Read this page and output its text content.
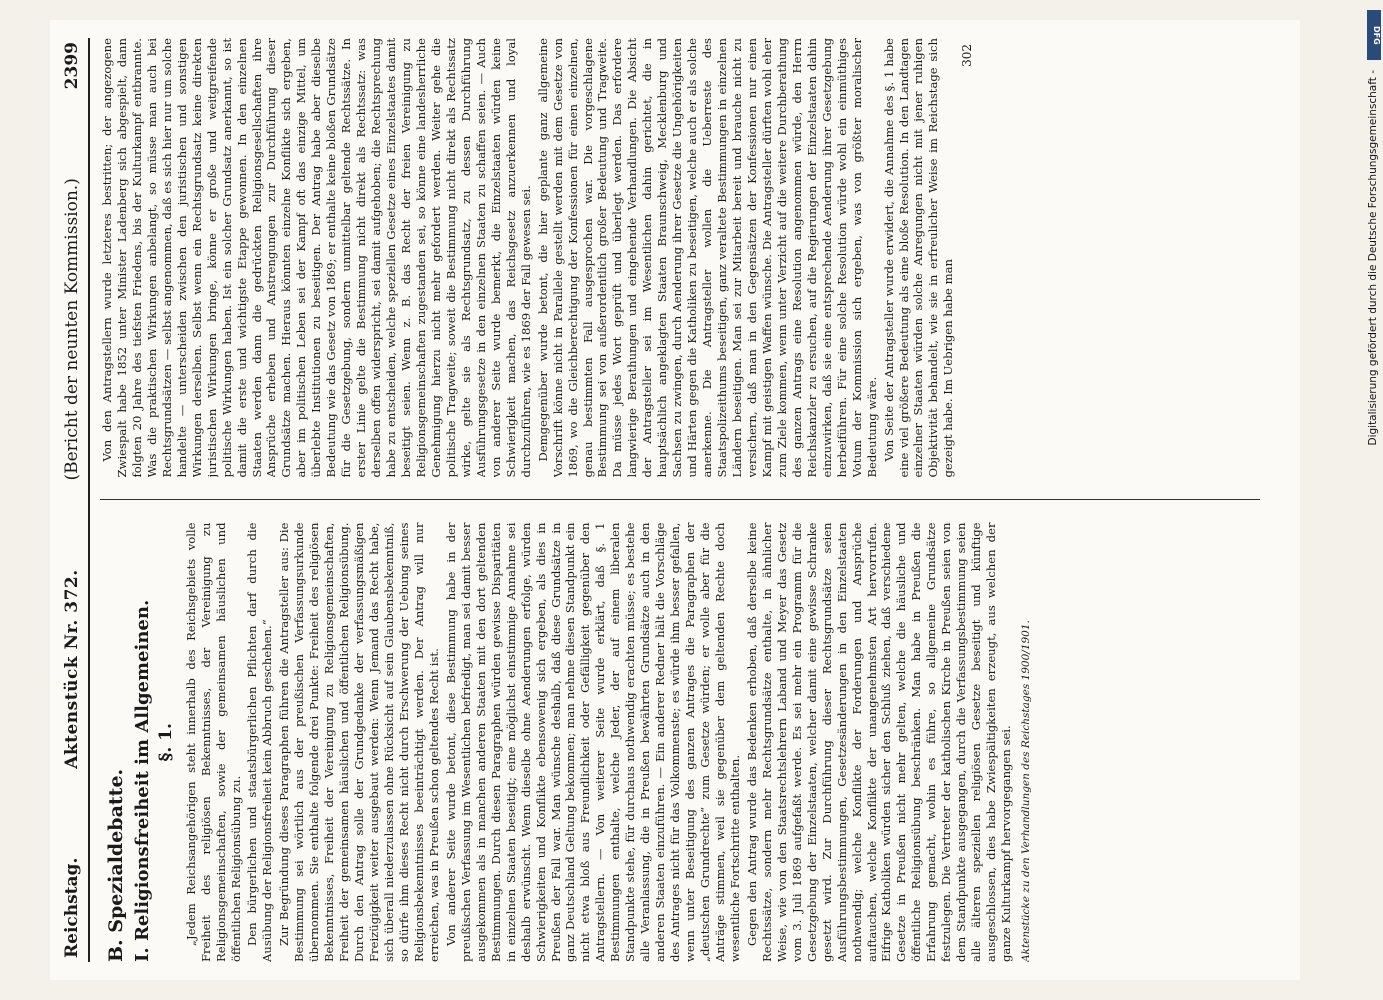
Reichstag.
Aktenstück Nr. 372.
(Bericht der neunten Kommission.)
2399
B. Spezialdebatte. I. Religionsfreiheit im Allgemeinen. §. 1. „Jedem Reichsangehörigen steht innerhalb des Reichsgebiets volle Freiheit des religiösen Bekenntnisses, der Vereinigung zu Religionsgemeinschaften, sowie der gemeinsamen häuslichen und öffentlichen Religionsübung zu. Den bürgerlichen und staatsbürgerlichen Pflichten darf durch die Ausübung der Religionsfreiheit kein Abbruch geschehen.“ Zur Begründung dieses Paragraphen führen die Antragsteller aus: Die Bestimmung sei wörtlich aus der preußischen Verfassungsurkunde übernommen. Sie enthalte folgende drei Punkte: Freiheit des religiösen Bekenntnisses, Freiheit der Vereinigung zu Religionsgemeinschaften, Freiheit der gemeinsamen häuslichen und öffentlichen Religionsübung. Durch den Antrag solle der Grundgedanke der verfassungsmäßigen Freizügigkeit weiter ausgebaut werden: Wenn Jemand das Recht habe, sich überall niederzulassen ohne Rücksicht auf sein Glaubensbekenntniß, so dürfe ihm dieses Recht nicht durch Erschwerung der Uebung seines Religionsbekenntnisses beeinträchtigt werden. Der Antrag will nur erreichen, was in Preußen schon geltendes Recht ist. Von anderer Seite wurde betont, diese Bestimmung habe in der preußischen Verfassung im Wesentlichen befriedigt, man sei damit besser ausgekommen als in manchen anderen Staaten mit den dort geltenden Bestimmungen. Durch diesen Paragraphen würden gewisse Disparitäten in einzelnen Staaten beseitigt; eine möglichst einstimmige Annahme sei deshalb erwünscht. Wenn dieselbe ohne Aenderungen erfolge, würden Schwierigkeiten und Konflikte ebensowenig sich ergeben, als dies in Preußen der Fall war. Man wünsche deshalb, daß diese Grundsätze in ganz Deutschland Geltung bekommen; man nehme diesen Standpunkt ein nicht etwa bloß aus Freundlichkeit oder Gefälligkeit gegenüber den Antragstellern. — Von weiterer Seite wurde erklärt, daß §. 1 Bestimmungen enthalte, welche Jeder, der auf einem liberalen Standpunkte stehe, für durchaus nothwendig erachten müsse; es bestehe alle Veranlassung, die in Preußen bewährten Grundsätze auch in den anderen Staaten einzuführen. — Ein anderer Redner hält die Vorschläge des Antrages nicht für das Volkommenste; es würde ihm besser gefallen, wenn unter Beseitigung des ganzen Antrages die Paragraphen der „deutschen Grundrechte“ zum Gesetze würden; er wolle aber für die Anträge stimmen, weil sie gegenüber dem geltenden Rechte doch wesentliche Fortschritte enthalten. Gegen den Antrag wurde das Bedenken erhoben, daß derselbe keine Rechtssätze, sondern mehr Rechtsgrundsätze enthalte, in ähnlicher Weise, wie von den Staatsrechtslehrern Laband und Meyer das Gesetz vom 3. Juli 1869 aufgefaßt werde. Es sei mehr ein Programm für die Gesetzgebung der Einzelstaaten, welcher damit eine gewisse Schranke gesetzt wird. Zur Durchführung dieser Rechtsgrundsätze seien Ausführungsbestimmungen, Gesetzesänderungen in den Einzelstaaten nothwendig; welche Konflikte der Forderungen und Ansprüche auftauchen, welche Konflikte der unangenehmsten Art hervorrufen. Eifrige Katholiken würden sicher den Schluß ziehen, daß verschiedene Gesetze in Preußen nicht mehr gelten, welche die häusliche und öffentliche Religionsübung beschränken. Man habe in Preußen die Erfahrung gemacht, wohin es führe, so allgemeine Grundsätze festzulegen. Die Vertreter der katholischen Kirche in Preußen seien von dem Standpunkte ausgegangen, durch die Verfassungsbestimmung seien alle älteren speziellen religiösen Gesetze beseitigt und künftige ausgeschlossen, dies habe Zwiespältigkeiten erzeugt, aus welchen der ganze Kulturkampf hervorgegangen sei. Aktenstücke zu den Verhandlungen des Reichstages 1900/1901.

Von den Antragstellern wurde letzteres bestritten; der angezogene Zwiespalt habe 1852 unter Minister Ladenberg sich abgespielt, dann folgten 20 Jahre des tiefsten Friedens, bis der Kulturkampf entbrannte. Was die praktischen Wirkungen anbelangt, so müsse man auch bei Rechtsgrundsätzen — selbst angenommen, daß es sich hier nur um solche handelte — unterscheiden zwischen den juristischen und sonstigen Wirkungen derselben. Selbst wenn ein Rechtsgrundsatz keine direkten juristischen Wirkungen bringe, könne er große und weitgreifende politische Wirkungen haben. Ist ein solcher Grundsatz anerkannt, so ist damit die erste und wichtigste Etappe gewonnen. In den einzelnen Staaten werden dann die gedrückten Religionsgesellschaften ihre Ansprüche erheben und Anstrengungen zur Durchführung dieser Grundsätze machen. Hieraus könnten einzelne Konflikte sich ergeben, aber im politischen Leben sei der Kampf oft das einzige Mittel, um überlebte Institutionen zu beseitigen. Der Antrag habe aber dieselbe Bedeutung wie das Gesetz von 1869; er enthalte keine bloßen Grundsätze für die Gesetzgebung, sondern unmittelbar geltende Rechtssätze. In erster Linie gelte die Bestimmung nicht direkt als Rechtssatz: was derselben offen widerspricht, sei damit aufgehoben; die Rechtsprechung habe zu entscheiden, welche speziellen Gesetze eines Einzelstaates damit beseitigt seien. Wenn z. B. das Recht der freien Vereinigung zu Religionsgemeinschaften zugestanden sei, so könne eine landesherrliche Genehmigung hierzu nicht mehr gefordert werden. Weiter gehe die politische Tragweite; soweit die Bestimmung nicht direkt als Rechtssatz wirke, gelte sie als Rechtsgrundsatz, zu dessen Durchführung Ausführungsgesetze in den einzelnen Staaten zu schaffen seien. — Auch von anderer Seite wurde bemerkt, die Einzelstaaten würden keine Schwierigkeit machen, das Reichsgesetz anzuerkennen und loyal durchzuführen, wie es 1869 der Fall gewesen sei. Demgegenüber wurde betont, die hier geplante ganz allgemeine Vorschrift könne nicht in Parallele gestellt werden mit dem Gesetze von 1869, wo die Gleichberechtigung der Konfessionen für einen einzelnen, genau bestimmten Fall ausgesprochen war. Die vorgeschlagene Bestimmung sei von außerordentlich großer Bedeutung und Tragweite. Da müsse jedes Wort geprüft und überlegt werden. Das erfordere langwierige Berathungen und eingehende Verhandlungen. Die Absicht der Antragsteller sei im Wesentlichen dahin gerichtet, die in hauptsächlich angeklagten Staaten Braunschweig, Mecklenburg und Sachsen zu zwingen, durch Aenderung ihrer Gesetze die Ungehörigkeiten und Härten gegen die Katholiken zu beseitigen, welche auch er als solche anerkenne. Die Antragsteller wollen die Ueberreste des Staatspolizeithums beseitigen, ganz veraltete Bestimmungen in einzelnen Ländern beseitigen. Man sei zur Mitarbeit bereit und brauche nicht zu versichern, daß man in den Gegensätzen der Konfessionen nur einen Kampf mit geistigen Waffen wünsche. Die Antragsteller dürften wohl eher zum Ziele kommen, wenn unter Verzicht auf die weitere Durchberathung des ganzen Antrags eine Resolution angenommen würde, den Herrn Reichskanzler zu ersuchen, auf die Regierungen der Einzelstaaten dahin einzuwirken, daß sie eine entsprechende Aenderung ihrer Gesetzgebung herbeiführen. Für eine solche Resolution würde wohl ein einmüthiges Votum der Kommission sich ergeben, was von größter moralischer Bedeutung wäre. Von Seite der Antragsteller wurde erwidert, die Annahme des §. 1 habe eine viel größere Bedeutung als eine bloße Resolution. In den Landtagen einzelner Staaten würden solche Anregungen nicht mit jener ruhigen Objektivität behandelt, wie sie in erfreulicher Weise im Reichstage sich gezeigt habe. Im Uebrigen habe man

302
Digitalisierung gefördert durch die Deutsche Forschungsgemeinschaft -
DFG
